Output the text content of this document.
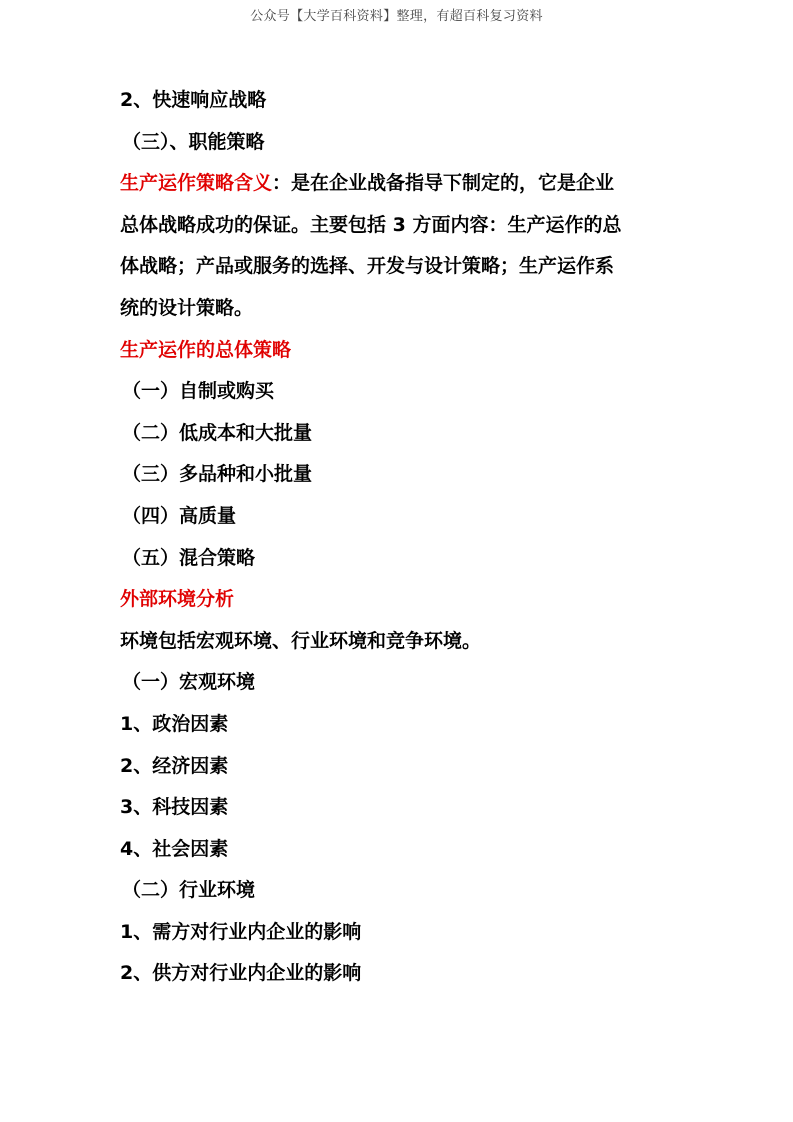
公众号【大学百科资料】整理，有超百科复习资料
2、快速响应战略
（三）、职能策略
生产运作策略含义：是在企业战备指导下制定的，它是企业
总体战略成功的保证。主要包括 3 方面内容：生产运作的总
体战略；产品或服务的选择、开发与设计策略；生产运作系
统的设计策略。
生产运作的总体策略
（一）自制或购买
（二）低成本和大批量
（三）多品种和小批量
（四）高质量
（五）混合策略
外部环境分析
环境包括宏观环境、行业环境和竞争环境。
（一）宏观环境
1、政治因素
2、经济因素
3、科技因素
4、社会因素
（二）行业环境
1、需方对行业内企业的影响
2、供方对行业内企业的影响
